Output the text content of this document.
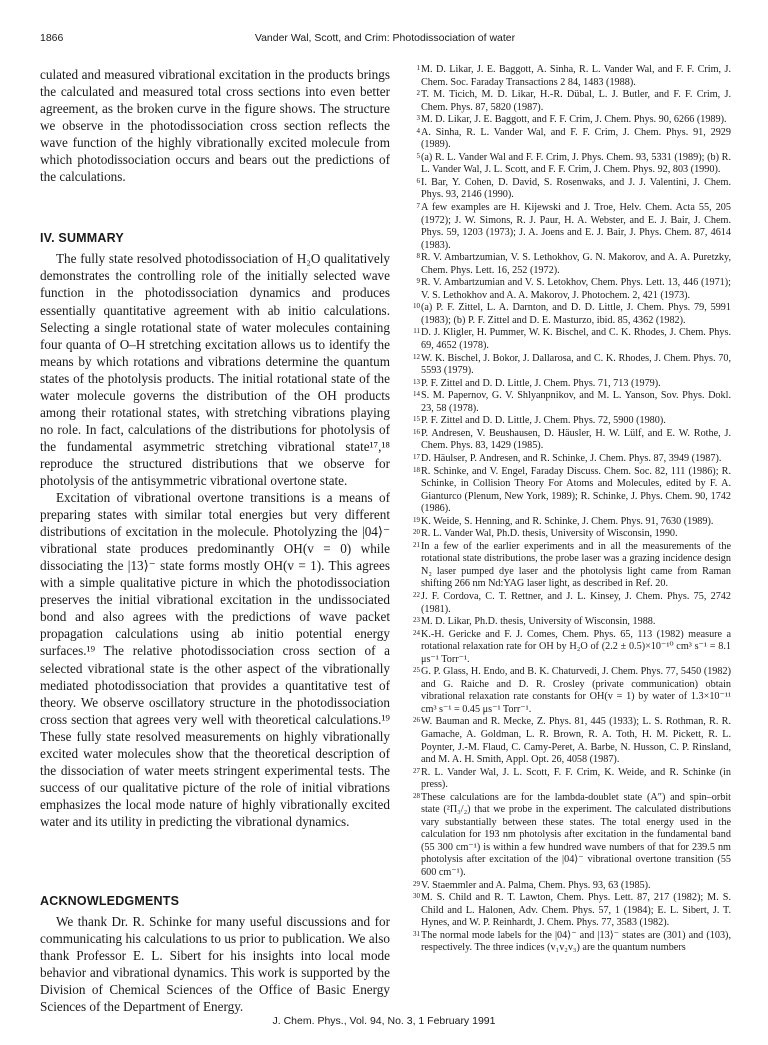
1866	Vander Wal, Scott, and Crim: Photodissociation of water

culated and measured vibrational excitation in the products brings the calculated and measured total cross sections into even better agreement, as the broken curve in the figure shows. The structure we observe in the photodissociation cross section reflects the wave function of the highly vibrationally excited molecule from which photodissociation occurs and bears out the predictions of the calculations.

IV. SUMMARY

The fully state resolved photodissociation of H₂O qualitatively demonstrates the controlling role of the initially selected wave function in the photodissociation dynamics and produces essentially quantitative agreement with ab initio calculations. Selecting a single rotational state of water molecules containing four quanta of O–H stretching excitation allows us to identify the means by which rotations and vibrations determine the quantum states of the photolysis products. The initial rotational state of the water molecule governs the distribution of the OH products among their rotational states, with stretching vibrations playing no role. In fact, calculations of the distributions for photolysis of the fundamental asymmetric stretching vibrational state¹⁷,¹⁸ reproduce the structured distributions that we observe for photolysis of the antisymmetric vibrational overtone state.

Excitation of vibrational overtone transitions is a means of preparing states with similar total energies but very different distributions of excitation in the molecule. Photolyzing the |04⟩⁻ vibrational state produces predominantly OH(v = 0) while dissociating the |13⟩⁻ state forms mostly OH(v = 1). This agrees with a simple qualitative picture in which the photodissociation preserves the initial vibrational excitation in the undissociated bond and also agrees with the predictions of wave packet propagation calculations using ab initio potential energy surfaces.¹⁹ The relative photodissociation cross section of a selected vibrational state is the other aspect of the vibrationally mediated photodissociation that provides a quantitative test of theory. We observe oscillatory structure in the photodissociation cross section that agrees very well with theoretical calculations.¹⁹ These fully state resolved measurements on highly vibrationally excited water molecules show that the theoretical description of the dissociation of water meets stringent experimental tests. The success of our qualitative picture of the role of initial vibrations emphasizes the local mode nature of highly vibrationally excited water and its utility in predicting the vibrational dynamics.

ACKNOWLEDGMENTS

We thank Dr. R. Schinke for many useful discussions and for communicating his calculations to us prior to publication. We also thank Professor E. L. Sibert for his insights into local mode behavior and vibrational dynamics. This work is supported by the Division of Chemical Sciences of the Office of Basic Energy Sciences of the Department of Energy.

1 M. D. Likar, J. E. Baggott, A. Sinha, R. L. Vander Wal, and F. F. Crim, J. Chem. Soc. Faraday Transactions 2 84, 1483 (1988).
2 T. M. Ticich, M. D. Likar, H.-R. Dübal, L. J. Butler, and F. F. Crim, J. Chem. Phys. 87, 5820 (1987).
3 M. D. Likar, J. E. Baggott, and F. F. Crim, J. Chem. Phys. 90, 6266 (1989).
4 A. Sinha, R. L. Vander Wal, and F. F. Crim, J. Chem. Phys. 91, 2929 (1989).
5 (a) R. L. Vander Wal and F. F. Crim, J. Phys. Chem. 93, 5331 (1989); (b) R. L. Vander Wal, J. L. Scott, and F. F. Crim, J. Chem. Phys. 92, 803 (1990).
6 I. Bar, Y. Cohen, D. David, S. Rosenwaks, and J. J. Valentini, J. Chem. Phys. 93, 2146 (1990).
7 A few examples are H. Kijewski and J. Troe, Helv. Chem. Acta 55, 205 (1972); J. W. Simons, R. J. Paur, H. A. Webster, and E. J. Bair, J. Chem. Phys. 59, 1203 (1973); J. A. Joens and E. J. Bair, J. Phys. Chem. 87, 4614 (1983).
8 R. V. Ambartzumian, V. S. Lethokhov, G. N. Makorov, and A. A. Puretzky, Chem. Phys. Lett. 16, 252 (1972).
9 R. V. Ambartzumian and V. S. Letokhov, Chem. Phys. Lett. 13, 446 (1971); V. S. Lethokhov and A. A. Makorov, J. Photochem. 2, 421 (1973).
10 (a) P. F. Zittel, L. A. Darnton, and D. D. Little, J. Chem. Phys. 79, 5991 (1983); (b) P. F. Zittel and D. E. Masturzo, ibid. 85, 4362 (1982).
11 D. J. Kligler, H. Pummer, W. K. Bischel, and C. K. Rhodes, J. Chem. Phys. 69, 4652 (1978).
12 W. K. Bischel, J. Bokor, J. Dallarosa, and C. K. Rhodes, J. Chem. Phys. 70, 5593 (1979).
13 P. F. Zittel and D. D. Little, J. Chem. Phys. 71, 713 (1979).
14 S. M. Papernov, G. V. Shlyanpnikov, and M. L. Yanson, Sov. Phys. Dokl. 23, 58 (1978).
15 P. F. Zittel and D. D. Little, J. Chem. Phys. 72, 5900 (1980).
16 P. Andresen, V. Beushausen, D. Häusler, H. W. Lülf, and E. W. Rothe, J. Chem. Phys. 83, 1429 (1985).
17 D. Häulser, P. Andresen, and R. Schinke, J. Chem. Phys. 87, 3949 (1987).
18 R. Schinke, and V. Engel, Faraday Discuss. Chem. Soc. 82, 111 (1986); R. Schinke, in Collision Theory For Atoms and Molecules, edited by F. A. Gianturco (Plenum, New York, 1989); R. Schinke, J. Phys. Chem. 90, 1742 (1986).
19 K. Weide, S. Henning, and R. Schinke, J. Chem. Phys. 91, 7630 (1989).
20 R. L. Vander Wal, Ph.D. thesis, University of Wisconsin, 1990.
21 In a few of the earlier experiments and in all the measurements of the rotational state distributions, the probe laser was a grazing incidence design N₂ laser pumped dye laser and the photolysis light came from Raman shifting 266 nm Nd:YAG laser light, as described in Ref. 20.
22 J. F. Cordova, C. T. Rettner, and J. L. Kinsey, J. Chem. Phys. 75, 2742 (1981).
23 M. D. Likar, Ph.D. thesis, University of Wisconsin, 1988.
24 K.-H. Gericke and F. J. Comes, Chem. Phys. 65, 113 (1982) measure a rotational relaxation rate for OH by H₂O of (2.2 ± 0.5)×10⁻¹⁰ cm³ s⁻¹ = 8.1 μs⁻¹ Torr⁻¹.
25 G. P. Glass, H. Endo, and B. K. Chaturvedi, J. Chem. Phys. 77, 5450 (1982) and G. Raiche and D. R. Crosley (private communication) obtain vibrational relaxation rate constants for OH(v = 1) by water of 1.3×10⁻¹¹ cm³ s⁻¹ = 0.45 μs⁻¹ Torr⁻¹.
26 W. Bauman and R. Mecke, Z. Phys. 81, 445 (1933); L. S. Rothman, R. R. Gamache, A. Goldman, L. R. Brown, R. A. Toth, H. M. Pickett, R. L. Poynter, J.-M. Flaud, C. Camy-Peret, A. Barbe, N. Husson, C. P. Rinsland, and M. A. H. Smith, Appl. Opt. 26, 4058 (1987).
27 R. L. Vander Wal, J. L. Scott, F. F. Crim, K. Weide, and R. Schinke (in press).
28 These calculations are for the lambda-doublet state (A″) and spin–orbit state (²Π₃/₂) that we probe in the experiment. The calculated distributions vary substantially between these states. The total energy used in the calculation for 193 nm photolysis after excitation in the fundamental band (55 300 cm⁻¹) is within a few hundred wave numbers of that for 239.5 nm photolysis after excitation of the |04⟩⁻ vibrational overtone transition (55 600 cm⁻¹).
29 V. Staemmler and A. Palma, Chem. Phys. 93, 63 (1985).
30 M. S. Child and R. T. Lawton, Chem. Phys. Lett. 87, 217 (1982); M. S. Child and L. Halonen, Adv. Chem. Phys. 57, 1 (1984); E. L. Sibert, J. T. Hynes, and W. P. Reinhardt, J. Chem. Phys. 77, 3583 (1982).
31 The normal mode labels for the |04⟩⁻ and |13⟩⁻ states are (301) and (103), respectively. The three indices (v₁v₂v₃) are the quantum numbers
J. Chem. Phys., Vol. 94, No. 3, 1 February 1991
